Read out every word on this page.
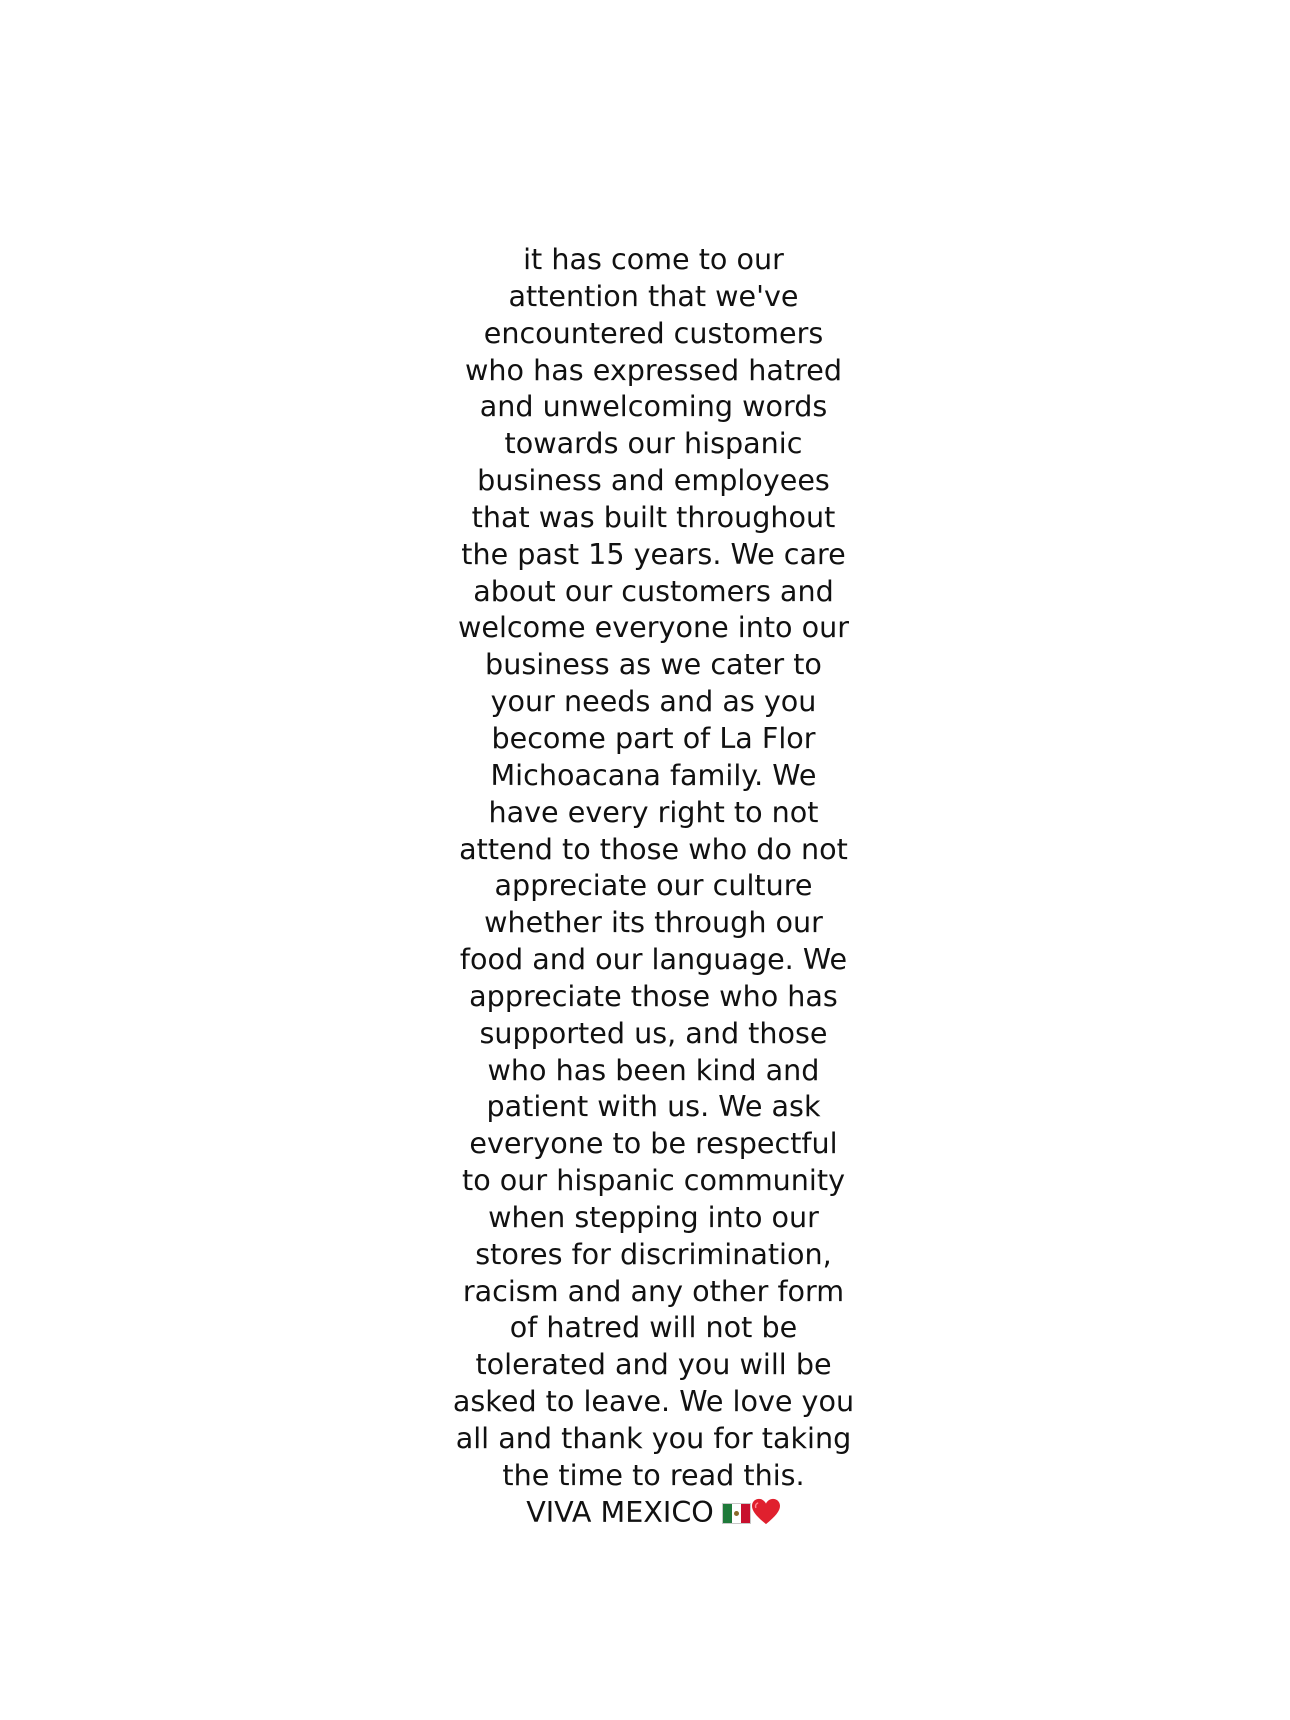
it has come to our
attention that we've
encountered customers
who has expressed hatred
and unwelcoming words
towards our hispanic
business and employees
that was built throughout
the past 15 years. We care
about our customers and
welcome everyone into our
business as we cater to
your needs and as you
become part of La Flor
Michoacana family. We
have every right to not
attend to those who do not
appreciate our culture
whether its through our
food and our language. We
appreciate those who has
supported us, and those
who has been kind and
patient with us. We ask
everyone to be respectful
to our hispanic community
when stepping into our
stores for discrimination,
racism and any other form
of hatred will not be
tolerated and you will be
asked to leave. We love you
all and thank you for taking
the time to read this.
VIVA MEXICO
